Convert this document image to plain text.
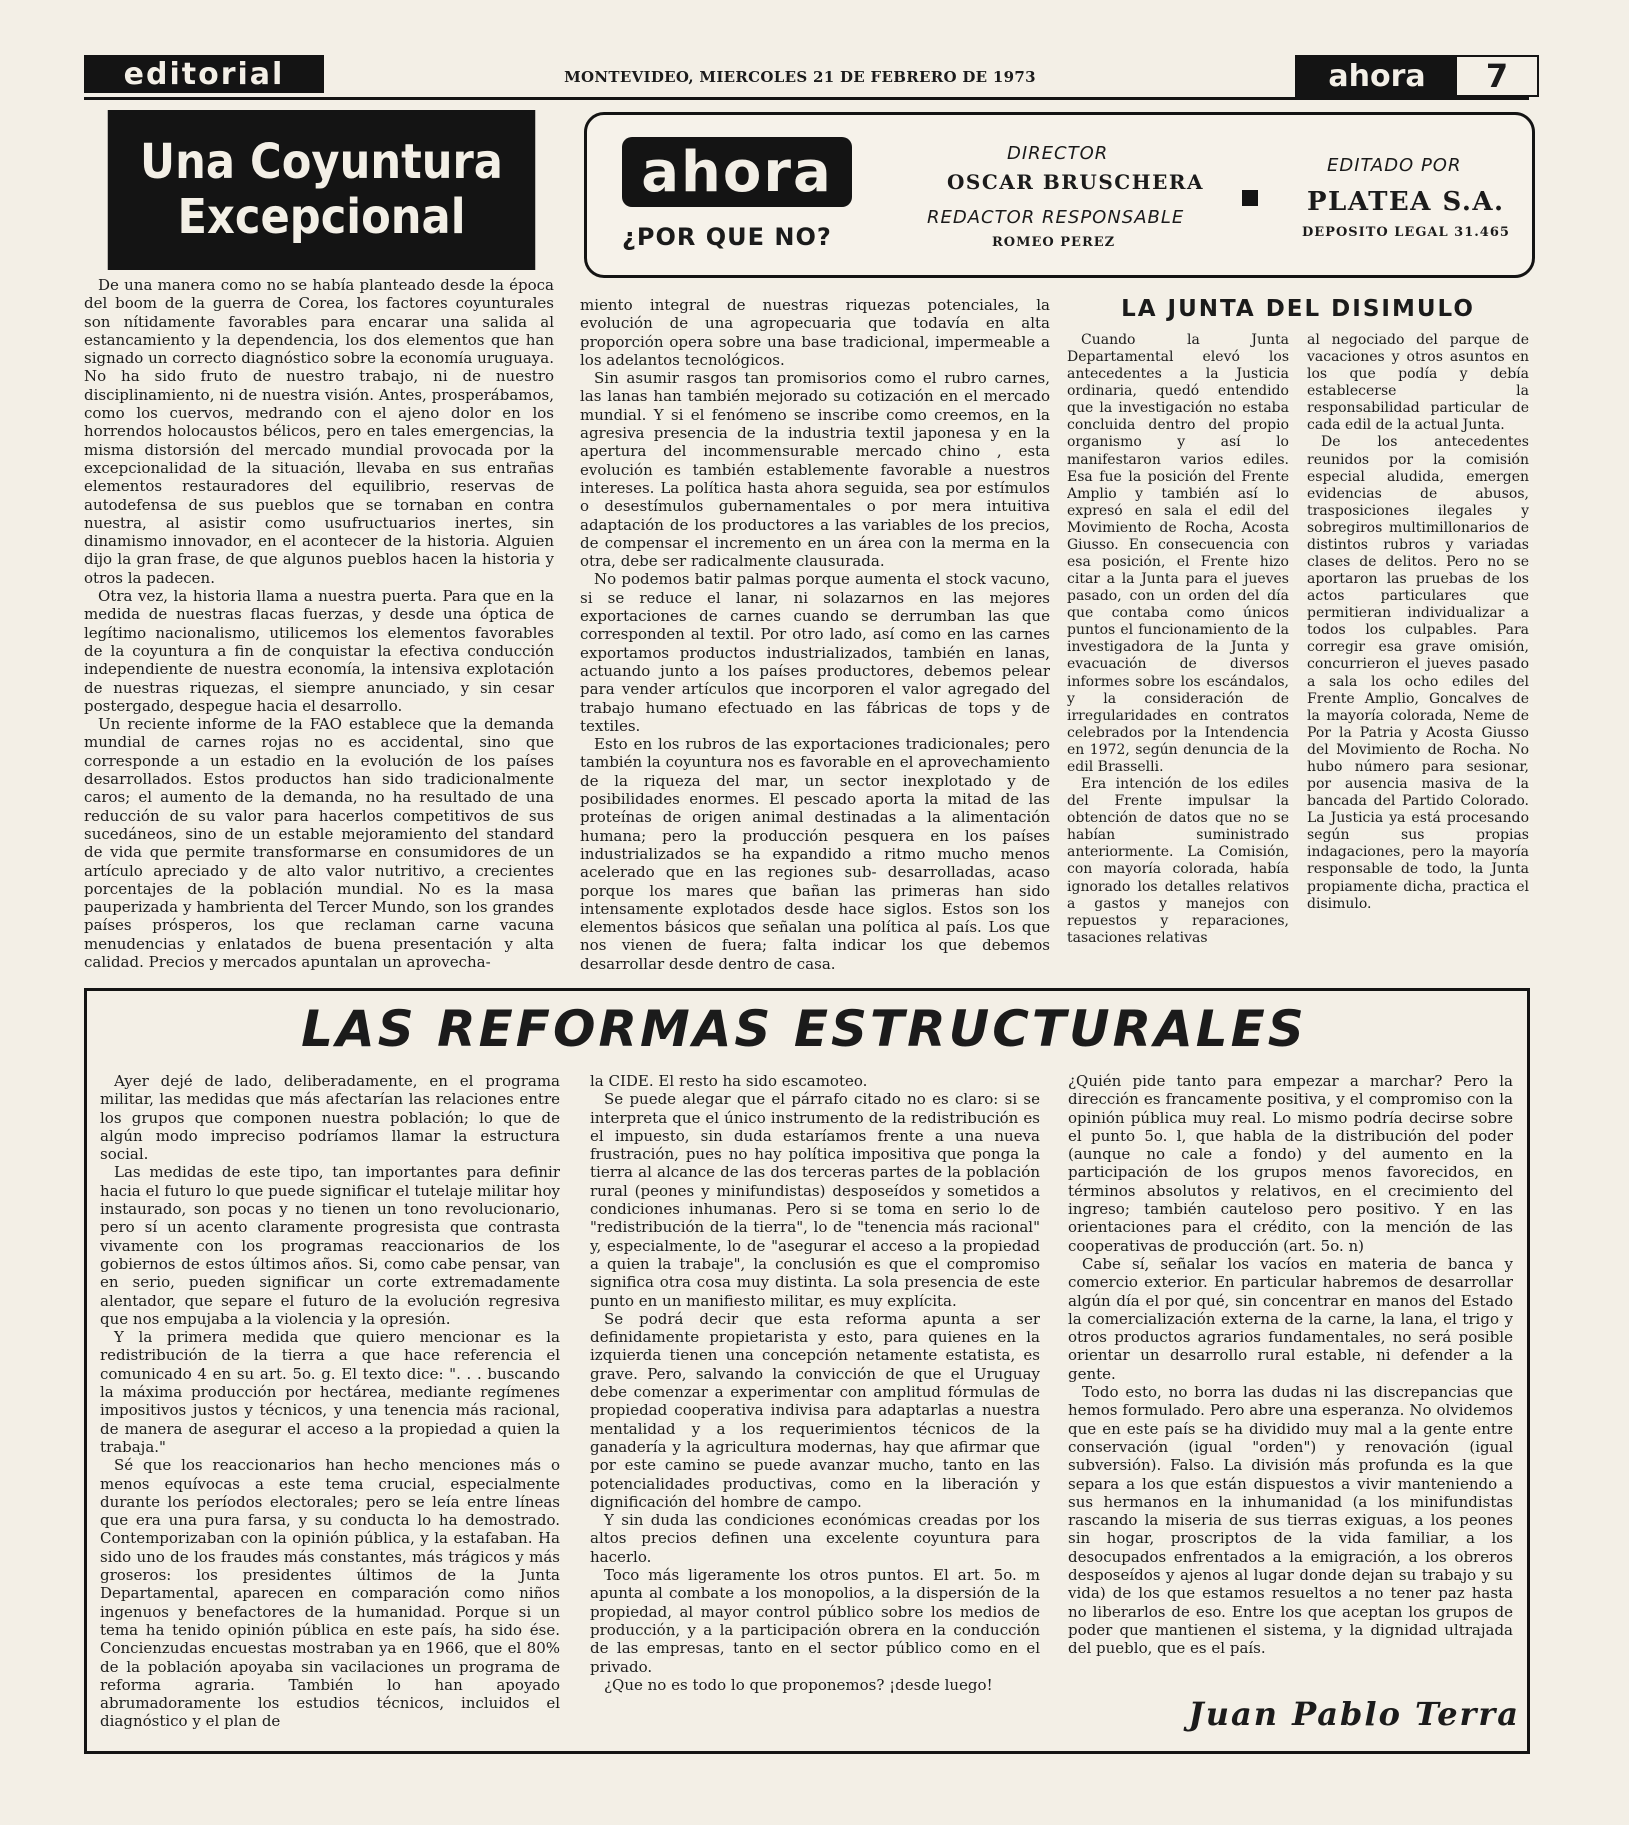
editorial	MONTEVIDEO, MIERCOLES 21 DE FEBRERO DE 1973	ahora	7
Una Coyuntura
Excepcional
ahora
¿POR QUE NO?
DIRECTOR
OSCAR BRUSCHERA
REDACTOR RESPONSABLE
ROMEO PEREZ
EDITADO POR
PLATEA S.A.
DEPOSITO LEGAL 31.465

De una manera como no se había planteado desde la época del boom de la guerra de Corea, los factores coyunturales son nítidamente favorables para encarar una salida al estancamiento y la dependencia, los dos elementos que han signado un correcto diagnóstico sobre la economía uruguaya. No ha sido fruto de nuestro trabajo, ni de nuestro disciplinamiento, ni de nuestra visión. Antes, prosperábamos, como los cuervos, medrando con el ajeno dolor en los horrendos holocaustos bélicos, pero en tales emergencias, la misma distorsión del mercado mundial provocada por la excepcionalidad de la situación, llevaba en sus entrañas elementos restauradores del equilibrio, reservas de autodefensa de sus pueblos que se tornaban en contra nuestra, al asistir como usufructuarios inertes, sin dinamismo innovador, en el acontecer de la historia. Alguien dijo la gran frase, de que algunos pueblos hacen la historia y otros la padecen.

Otra vez, la historia llama a nuestra puerta. Para que en la medida de nuestras flacas fuerzas, y desde una óptica de legítimo nacionalismo, utilicemos los elementos favorables de la coyuntura a fin de conquistar la efectiva conducción independiente de nuestra economía, la intensiva explotación de nuestras riquezas, el siempre anunciado, y sin cesar postergado, despegue hacia el desarrollo.

Un reciente informe de la FAO establece que la demanda mundial de carnes rojas no es accidental, sino que corresponde a un estadio en la evolución de los países desarrollados. Estos productos han sido tradicionalmente caros; el aumento de la demanda, no ha resultado de una reducción de su valor para hacerlos competitivos de sus sucedáneos, sino de un estable mejoramiento del standard de vida que permite transformarse en consumidores de un artículo apreciado y de alto valor nutritivo, a crecientes porcentajes de la población mundial. No es la masa pauperizada y hambrienta del Tercer Mundo, son los grandes países prósperos, los que reclaman carne vacuna menudencias y enlatados de buena presentación y alta calidad. Precios y mercados apuntalan un aprovecha-

miento integral de nuestras riquezas potenciales, la evolución de una agropecuaria que todavía en alta proporción opera sobre una base tradicional, impermeable a los adelantos tecnológicos.

Sin asumir rasgos tan promisorios como el rubro carnes, las lanas han también mejorado su cotización en el mercado mundial. Y si el fenómeno se inscribe como creemos, en la agresiva presencia de la industria textil japonesa y en la apertura del incommensurable mercado chino , esta evolución es también establemente favorable a nuestros intereses. La política hasta ahora seguida, sea por estímulos o desestímulos gubernamentales o por mera intuitiva adaptación de los productores a las variables de los precios, de compensar el incremento en un área con la merma en la otra, debe ser radicalmente clausurada.

No podemos batir palmas porque aumenta el stock vacuno, si se reduce el lanar, ni solazarnos en las mejores exportaciones de carnes cuando se derrumban las que corresponden al textil. Por otro lado, así como en las carnes exportamos productos industrializados, también en lanas, actuando junto a los países productores, debemos pelear para vender artículos que incorporen el valor agregado del trabajo humano efectuado en las fábricas de tops y de textiles.

Esto en los rubros de las exportaciones tradicionales; pero también la coyuntura nos es favorable en el aprovechamiento de la riqueza del mar, un sector inexplotado y de posibilidades enormes. El pescado aporta la mitad de las proteínas de origen animal destinadas a la alimentación humana; pero la producción pesquera en los países industrializados se ha expandido a ritmo mucho menos acelerado que en las regiones sub- desarrolladas, acaso porque los mares que bañan las primeras han sido intensamente explotados desde hace siglos. Estos son los elementos básicos que señalan una política al país. Los que nos vienen de fuera; falta indicar los que debemos desarrollar desde dentro de casa.

LA JUNTA DEL DISIMULO

Cuando la Junta Departamental elevó los antecedentes a la Justicia ordinaria, quedó entendido que la investigación no estaba concluida dentro del propio organismo y así lo manifestaron varios ediles. Esa fue la posición del Frente Amplio y también así lo expresó en sala el edil del Movimiento de Rocha, Acosta Giusso. En consecuencia con esa posición, el Frente hizo citar a la Junta para el jueves pasado, con un orden del día que contaba como únicos puntos el funcionamiento de la investigadora de la Junta y evacuación de diversos informes sobre los escándalos, y la consideración de irregularidades en contratos celebrados por la Intendencia en 1972, según denuncia de la edil Brasselli.

Era intención de los ediles del Frente impulsar la obtención de datos que no se habían suministrado anteriormente. La Comisión, con mayoría colorada, había ignorado los detalles relativos a gastos y manejos con repuestos y reparaciones, tasaciones relativas

al negociado del parque de vacaciones y otros asuntos en los que podía y debía establecerse la responsabilidad particular de cada edil de la actual Junta.

De los antecedentes reunidos por la comisión especial aludida, emergen evidencias de abusos, trasposiciones ilegales y sobregiros multimillonarios de distintos rubros y variadas clases de delitos. Pero no se aportaron las pruebas de los actos particulares que permitieran individualizar a todos los culpables. Para corregir esa grave omisión, concurrieron el jueves pasado a sala los ocho ediles del Frente Amplio, Goncalves de la mayoría colorada, Neme de Por la Patria y Acosta Giusso del Movimiento de Rocha. No hubo número para sesionar, por ausencia masiva de la bancada del Partido Colorado. La Justicia ya está procesando según sus propias indagaciones, pero la mayoría responsable de todo, la Junta propiamente dicha, practica el disimulo.

LAS REFORMAS ESTRUCTURALES

Ayer dejé de lado, deliberadamente, en el programa militar, las medidas que más afectarían las relaciones entre los grupos que componen nuestra población; lo que de algún modo impreciso podríamos llamar la estructura social.

Las medidas de este tipo, tan importantes para definir hacia el futuro lo que puede significar el tutelaje militar hoy instaurado, son pocas y no tienen un tono revolucionario, pero sí un acento claramente progresista que contrasta vivamente con los programas reaccionarios de los gobiernos de estos últimos años. Si, como cabe pensar, van en serio, pueden significar un corte extremadamente alentador, que separe el futuro de la evolución regresiva que nos empujaba a la violencia y la opresión.

Y la primera medida que quiero mencionar es la redistribución de la tierra a que hace referencia el comunicado 4 en su art. 5o. g. El texto dice: ". . . buscando la máxima producción por hectárea, mediante regímenes impositivos justos y técnicos, y una tenencia más racional, de manera de asegurar el acceso a la propiedad a quien la trabaja."

Sé que los reaccionarios han hecho menciones más o menos equívocas a este tema crucial, especialmente durante los períodos electorales; pero se leía entre líneas que era una pura farsa, y su conducta lo ha demostrado. Contemporizaban con la opinión pública, y la estafaban. Ha sido uno de los fraudes más constantes, más trágicos y más groseros: los presidentes últimos de la Junta Departamental, aparecen en comparación como niños ingenuos y benefactores de la humanidad. Porque si un tema ha tenido opinión pública en este país, ha sido ése. Concienzudas encuestas mostraban ya en 1966, que el 80% de la población apoyaba sin vacilaciones un programa de reforma agraria. También lo han apoyado abrumadoramente los estudios técnicos, incluidos el diagnóstico y el plan de

la CIDE. El resto ha sido escamoteo.

Se puede alegar que el párrafo citado no es claro: si se interpreta que el único instrumento de la redistribución es el impuesto, sin duda estaríamos frente a una nueva frustración, pues no hay política impositiva que ponga la tierra al alcance de las dos terceras partes de la población rural (peones y minifundistas) desposeídos y sometidos a condiciones inhumanas. Pero si se toma en serio lo de "redistribución de la tierra", lo de "tenencia más racional" y, especialmente, lo de "asegurar el acceso a la propiedad a quien la trabaje", la conclusión es que el compromiso significa otra cosa muy distinta. La sola presencia de este punto en un manifiesto militar, es muy explícita.

Se podrá decir que esta reforma apunta a ser definidamente propietarista y esto, para quienes en la izquierda tienen una concepción netamente estatista, es grave. Pero, salvando la convicción de que el Uruguay debe comenzar a experimentar con amplitud fórmulas de propiedad cooperativa indivisa para adaptarlas a nuestra mentalidad y a los requerimientos técnicos de la ganadería y la agricultura modernas, hay que afirmar que por este camino se puede avanzar mucho, tanto en las potencialidades productivas, como en la liberación y dignificación del hombre de campo.

Y sin duda las condiciones económicas creadas por los altos precios definen una excelente coyuntura para hacerlo.

Toco más ligeramente los otros puntos. El art. 5o. m apunta al combate a los monopolios, a la dispersión de la propiedad, al mayor control público sobre los medios de producción, y a la participación obrera en la conducción de las empresas, tanto en el sector público como en el privado.

¿Que no es todo lo que proponemos? ¡desde luego!

¿Quién pide tanto para empezar a marchar? Pero la dirección es francamente positiva, y el compromiso con la opinión pública muy real. Lo mismo podría decirse sobre el punto 5o. l, que habla de la distribución del poder (aunque no cale a fondo) y del aumento en la participación de los grupos menos favorecidos, en términos absolutos y relativos, en el crecimiento del ingreso; también cauteloso pero positivo. Y en las orientaciones para el crédito, con la mención de las cooperativas de producción (art. 5o. n)

Cabe sí, señalar los vacíos en materia de banca y comercio exterior. En particular habremos de desarrollar algún día el por qué, sin concentrar en manos del Estado la comercialización externa de la carne, la lana, el trigo y otros productos agrarios fundamentales, no será posible orientar un desarrollo rural estable, ni defender a la gente.

Todo esto, no borra las dudas ni las discrepancias que hemos formulado. Pero abre una esperanza. No olvidemos que en este país se ha dividido muy mal a la gente entre conservación (igual "orden") y renovación (igual subversión). Falso. La división más profunda es la que separa a los que están dispuestos a vivir manteniendo a sus hermanos en la inhumanidad (a los minifundistas rascando la miseria de sus tierras exiguas, a los peones sin hogar, proscriptos de la vida familiar, a los desocupados enfrentados a la emigración, a los obreros desposeídos y ajenos al lugar donde dejan su trabajo y su vida) de los que estamos resueltos a no tener paz hasta no liberarlos de eso. Entre los que aceptan los grupos de poder que mantienen el sistema, y la dignidad ultrajada del pueblo, que es el país.

Juan Pablo Terra
